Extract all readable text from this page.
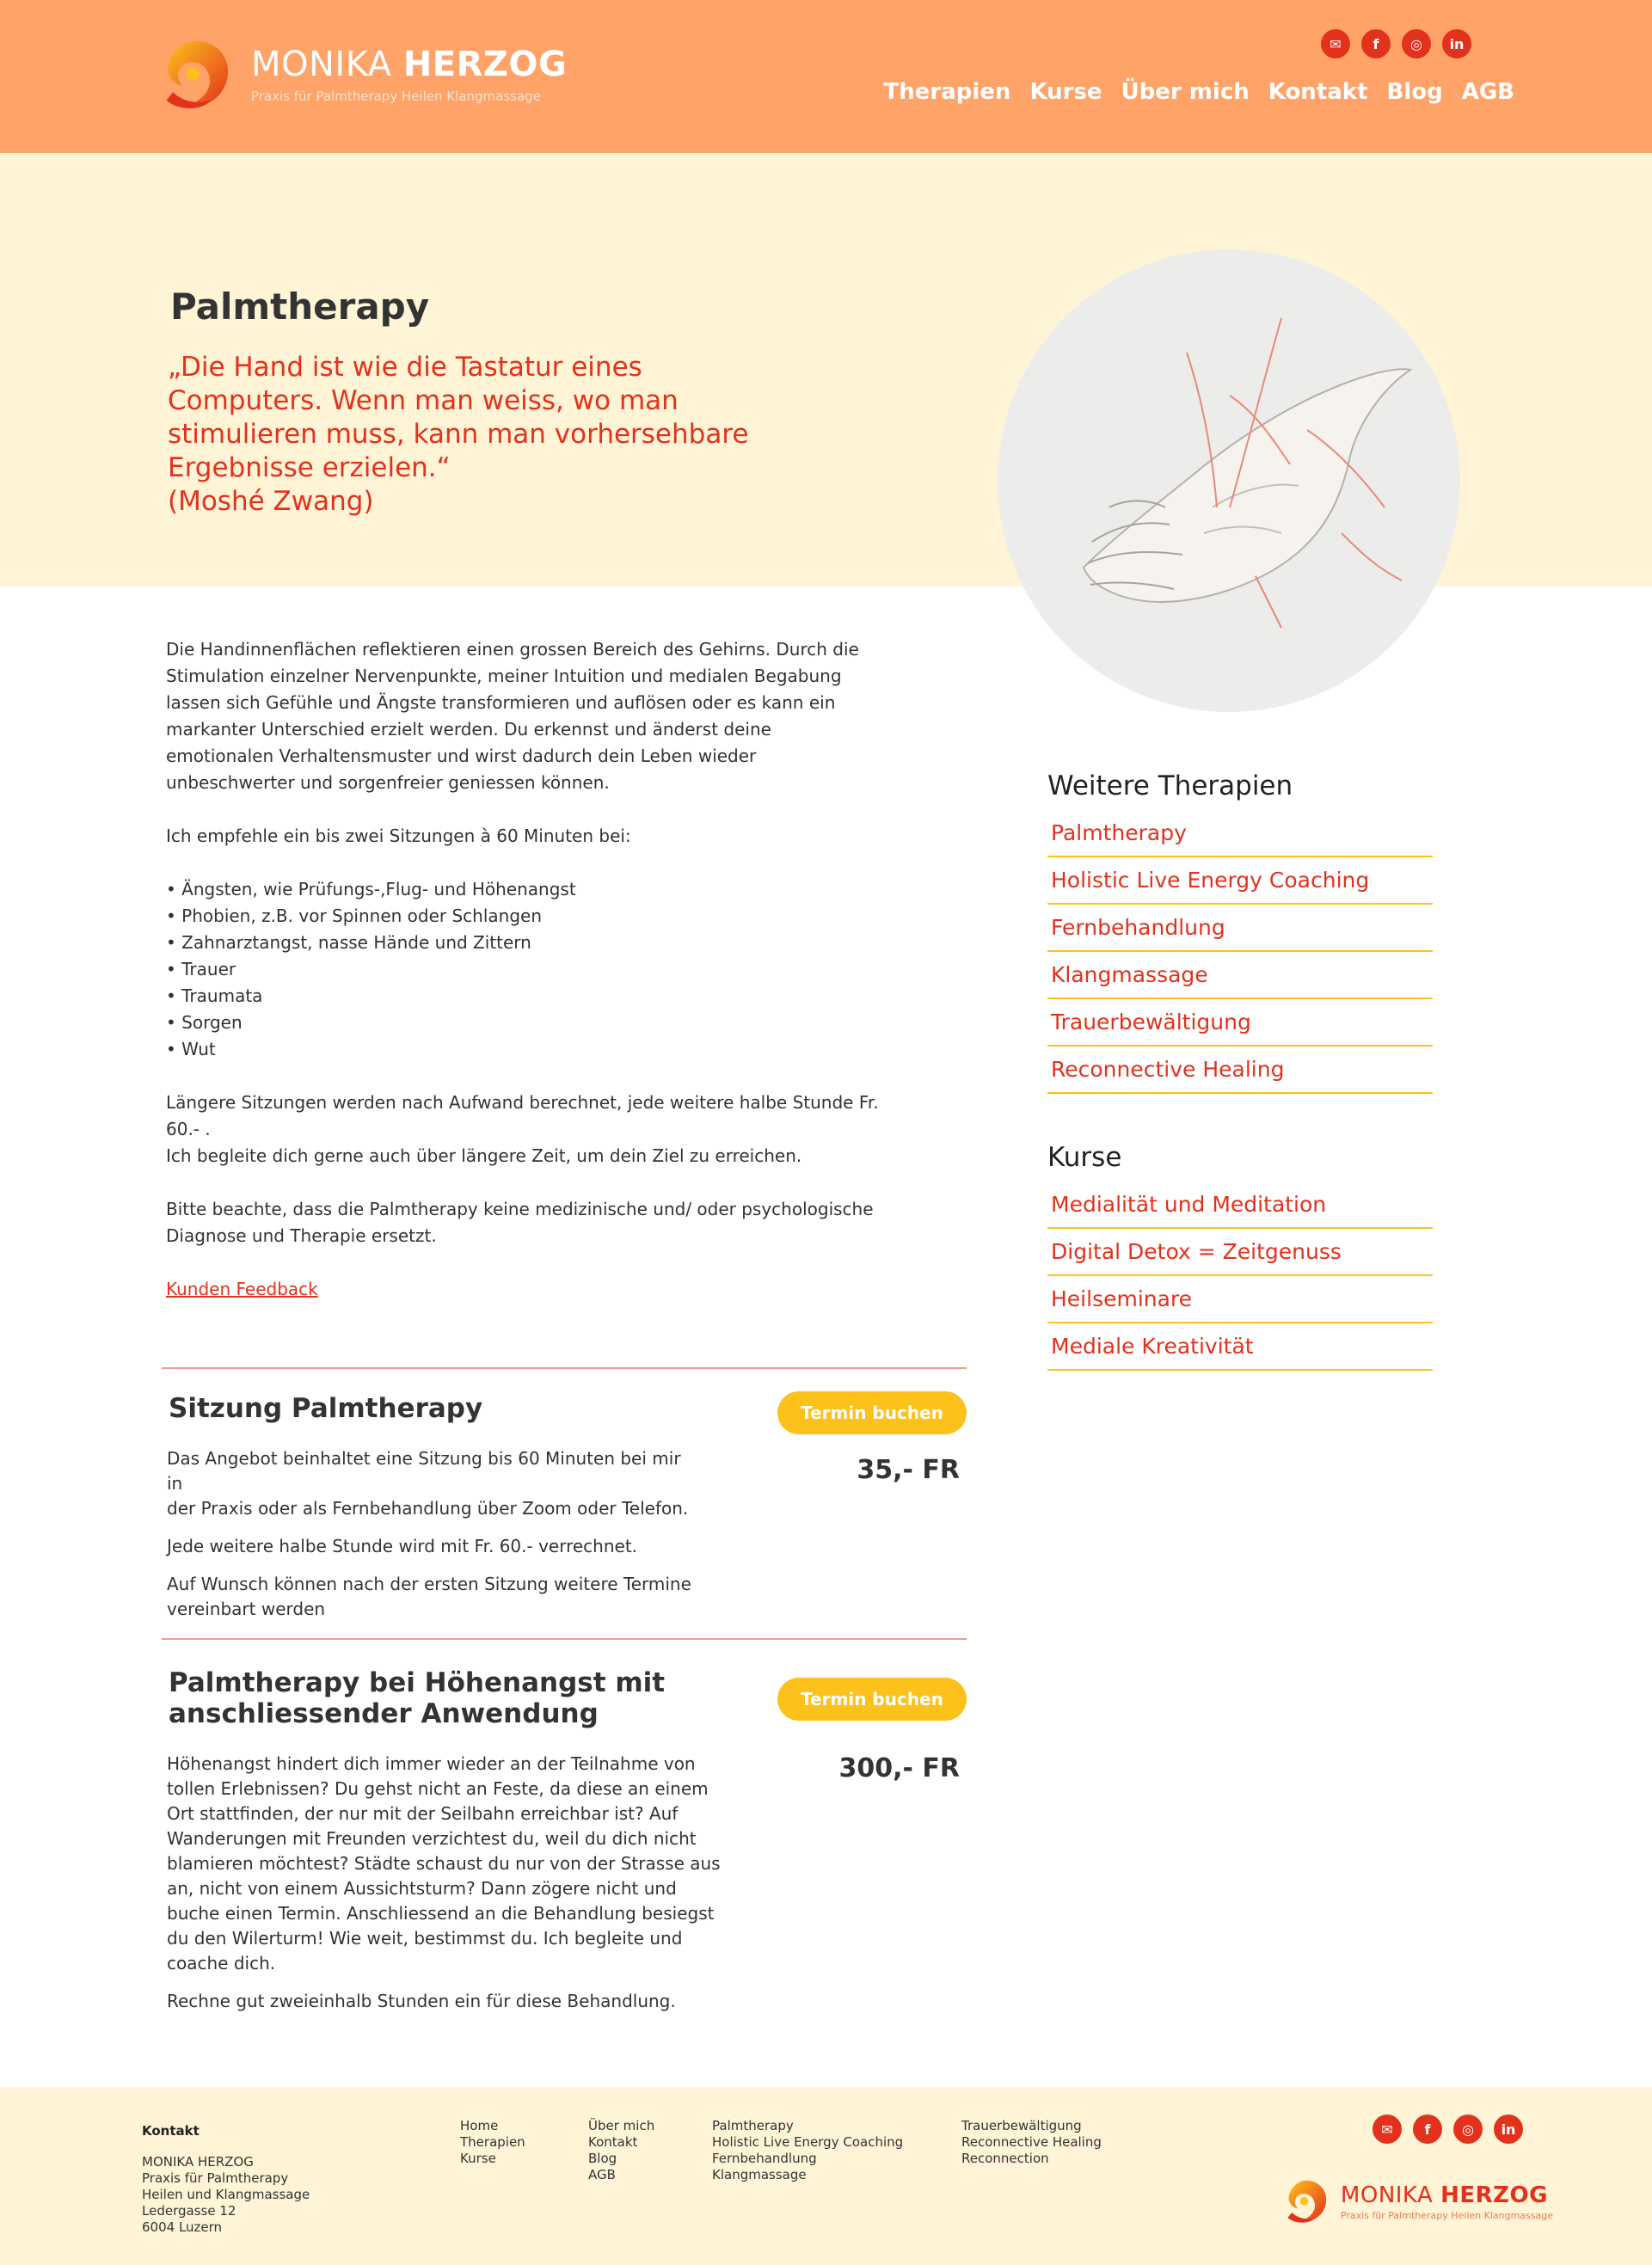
MONIKA HERZOG
Praxis für Palmtherapy Heilen Klangmassage
✉	f	◎	in
Therapien Kurse Über mich Kontakt Blog AGB
Palmtherapy
„Die Hand ist wie die Tastatur eines
Computers. Wenn man weiss, wo man
stimulieren muss, kann man vorhersehbare
Ergebnisse erzielen.“
(Moshé Zwang)

Die Handinnenflächen reflektieren einen grossen Bereich des Gehirns. Durch die
Stimulation einzelner Nervenpunkte, meiner Intuition und medialen Begabung
lassen sich Gefühle und Ängste transformieren und auflösen oder es kann ein
markanter Unterschied erzielt werden. Du erkennst und änderst deine
emotionalen Verhaltensmuster und wirst dadurch dein Leben wieder
unbeschwerter und sorgenfreier geniessen können.

Ich empfehle ein bis zwei Sitzungen à 60 Minuten bei:

• Ängsten, wie Prüfungs-,Flug- und Höhenangst
• Phobien, z.B. vor Spinnen oder Schlangen
• Zahnarztangst, nasse Hände und Zittern
• Trauer
• Traumata
• Sorgen
• Wut

Längere Sitzungen werden nach Aufwand berechnet, jede weitere halbe Stunde Fr.
60.- .
Ich begleite dich gerne auch über längere Zeit, um dein Ziel zu erreichen.

Bitte beachte, dass die Palmtherapy keine medizinische und/ oder psychologische
Diagnose und Therapie ersetzt.

Kunden Feedback

Sitzung Palmtherapy	Termin buchen
35,- FR

Das Angebot beinhaltet eine Sitzung bis 60 Minuten bei mir in
der Praxis oder als Fernbehandlung über Zoom oder Telefon.

Jede weitere halbe Stunde wird mit Fr. 60.- verrechnet.

Auf Wunsch können nach der ersten Sitzung weitere Termine
vereinbart werden

Palmtherapy bei Höhenangst mit
anschliessender Anwendung	Termin buchen
300,- FR

Höhenangst hindert dich immer wieder an der Teilnahme von
tollen Erlebnissen? Du gehst nicht an Feste, da diese an einem
Ort stattfinden, der nur mit der Seilbahn erreichbar ist? Auf
Wanderungen mit Freunden verzichtest du, weil du dich nicht
blamieren möchtest? Städte schaust du nur von der Strasse aus
an, nicht von einem Aussichtsturm? Dann zögere nicht und
buche einen Termin. Anschliessend an die Behandlung besiegst
du den Wilerturm! Wie weit, bestimmst du. Ich begleite und
coache dich.

Rechne gut zweieinhalb Stunden ein für diese Behandlung.

Weitere Therapien
Palmtherapy
Holistic Live Energy Coaching
Fernbehandlung
Klangmassage
Trauerbewältigung
Reconnective Healing
Kurse
Medialität und Meditation
Digital Detox = Zeitgenuss
Heilseminare
Mediale Kreativität
Kontakt
MONIKA HERZOG
Praxis für Palmtherapy
Heilen und Klangmassage
Ledergasse 12
6004 Luzern
Home
Therapien
Kurse
Über mich
Kontakt
Blog
AGB
Palmtherapy
Holistic Live Energy Coaching
Fernbehandlung
Klangmassage
Trauerbewältigung
Reconnective Healing
Reconnection
✉	f	◎	in
MONIKA HERZOG
Praxis für Palmtherapy Heilen Klangmassage
